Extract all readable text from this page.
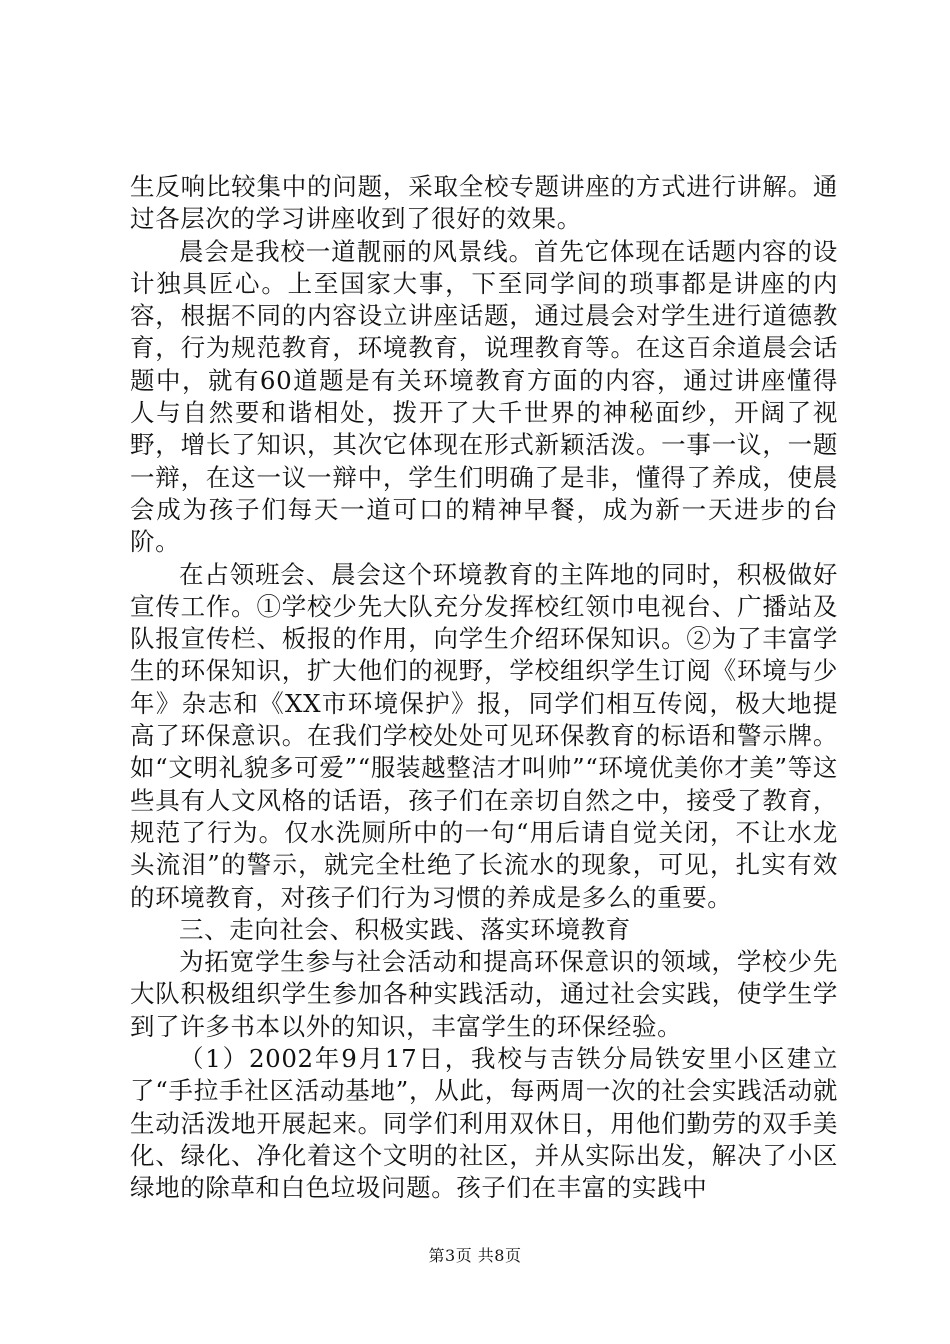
生反响比较集中的问题，采取全校专题讲座的方式进行讲解。通过各层次的学习讲座收到了很好的效果。

晨会是我校一道靓丽的风景线。首先它体现在话题内容的设计独具匠心。上至国家大事，下至同学间的琐事都是讲座的内容，根据不同的内容设立讲座话题，通过晨会对学生进行道德教育，行为规范教育，环境教育，说理教育等。在这百余道晨会话题中，就有60道题是有关环境教育方面的内容，通过讲座懂得人与自然要和谐相处，拨开了大千世界的神秘面纱，开阔了视野，增长了知识，其次它体现在形式新颖活泼。一事一议，一题一辩，在这一议一辩中，学生们明确了是非，懂得了养成，使晨会成为孩子们每天一道可口的精神早餐，成为新一天进步的台阶。

在占领班会、晨会这个环境教育的主阵地的同时，积极做好宣传工作。①学校少先大队充分发挥校红领巾电视台、广播站及队报宣传栏、板报的作用，向学生介绍环保知识。②为了丰富学生的环保知识，扩大他们的视野，学校组织学生订阅《环境与少年》杂志和《XX市环境保护》报，同学们相互传阅，极大地提高了环保意识。在我们学校处处可见环保教育的标语和警示牌。如“文明礼貌多可爱”“服装越整洁才叫帅”“环境优美你才美”等这些具有人文风格的话语，孩子们在亲切自然之中，接受了教育，规范了行为。仅水洗厕所中的一句“用后请自觉关闭，不让水龙头流泪”的警示，就完全杜绝了长流水的现象，可见，扎实有效的环境教育，对孩子们行为习惯的养成是多么的重要。

三、走向社会、积极实践、落实环境教育

为拓宽学生参与社会活动和提高环保意识的领域，学校少先大队积极组织学生参加各种实践活动，通过社会实践，使学生学到了许多书本以外的知识，丰富学生的环保经验。

（1）2002年9月17日，我校与吉铁分局铁安里小区建立了“手拉手社区活动基地”，从此，每两周一次的社会实践活动就生动活泼地开展起来。同学们利用双休日，用他们勤劳的双手美化、绿化、净化着这个文明的社区，并从实际出发，解决了小区绿地的除草和白色垃圾问题。孩子们在丰富的实践中

第3页 共8页
